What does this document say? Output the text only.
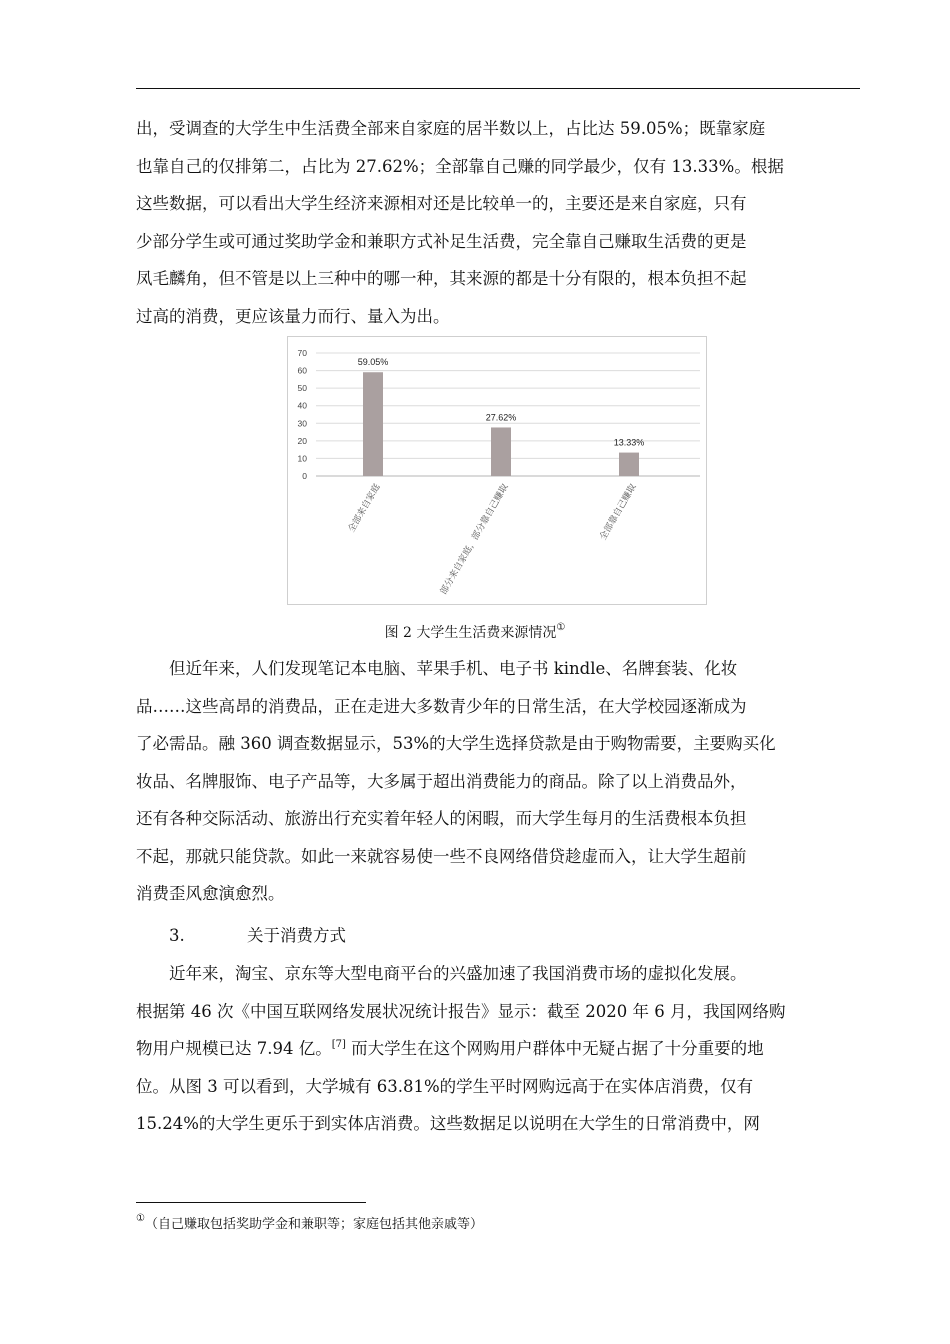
出，受调查的大学生中生活费全部来自家庭的居半数以上，占比达 59.05%；既靠家庭
也靠自己的仅排第二，占比为 27.62%；全部靠自己赚的同学最少，仅有 13.33%。根据
这些数据，可以看出大学生经济来源相对还是比较单一的，主要还是来自家庭，只有
少部分学生或可通过奖助学金和兼职方式补足生活费，完全靠自己赚取生活费的更是
凤毛麟角，但不管是以上三种中的哪一种，其来源的都是十分有限的，根本负担不起
过高的消费，更应该量力而行、量入为出。
0
10
20
30
40
50
60
70
59.05%
全部来自家庭
27.62%
部分来自家庭，部分靠自己赚取
13.33%
全部靠自己赚取
图 2 大学生生活费来源情况①
但近年来，人们发现笔记本电脑、苹果手机、电子书 kindle、名牌套装、化妆
品……这些高昂的消费品，正在走进大多数青少年的日常生活，在大学校园逐渐成为
了必需品。融 360 调查数据显示，53%的大学生选择贷款是由于购物需要，主要购买化
妆品、名牌服饰、电子产品等，大多属于超出消费能力的商品。除了以上消费品外，
还有各种交际活动、旅游出行充实着年轻人的闲暇，而大学生每月的生活费根本负担
不起，那就只能贷款。如此一来就容易使一些不良网络借贷趁虚而入，让大学生超前
消费歪风愈演愈烈。
3.	关于消费方式
近年来，淘宝、京东等大型电商平台的兴盛加速了我国消费市场的虚拟化发展。
根据第 46 次《中国互联网络发展状况统计报告》显示：截至 2020 年 6 月，我国网络购
物用户规模已达 7.94 亿。[7] 而大学生在这个网购用户群体中无疑占据了十分重要的地
位。从图 3 可以看到，大学城有 63.81%的学生平时网购远高于在实体店消费，仅有
15.24%的大学生更乐于到实体店消费。这些数据足以说明在大学生的日常消费中，网
①（自己赚取包括奖助学金和兼职等；家庭包括其他亲戚等）
